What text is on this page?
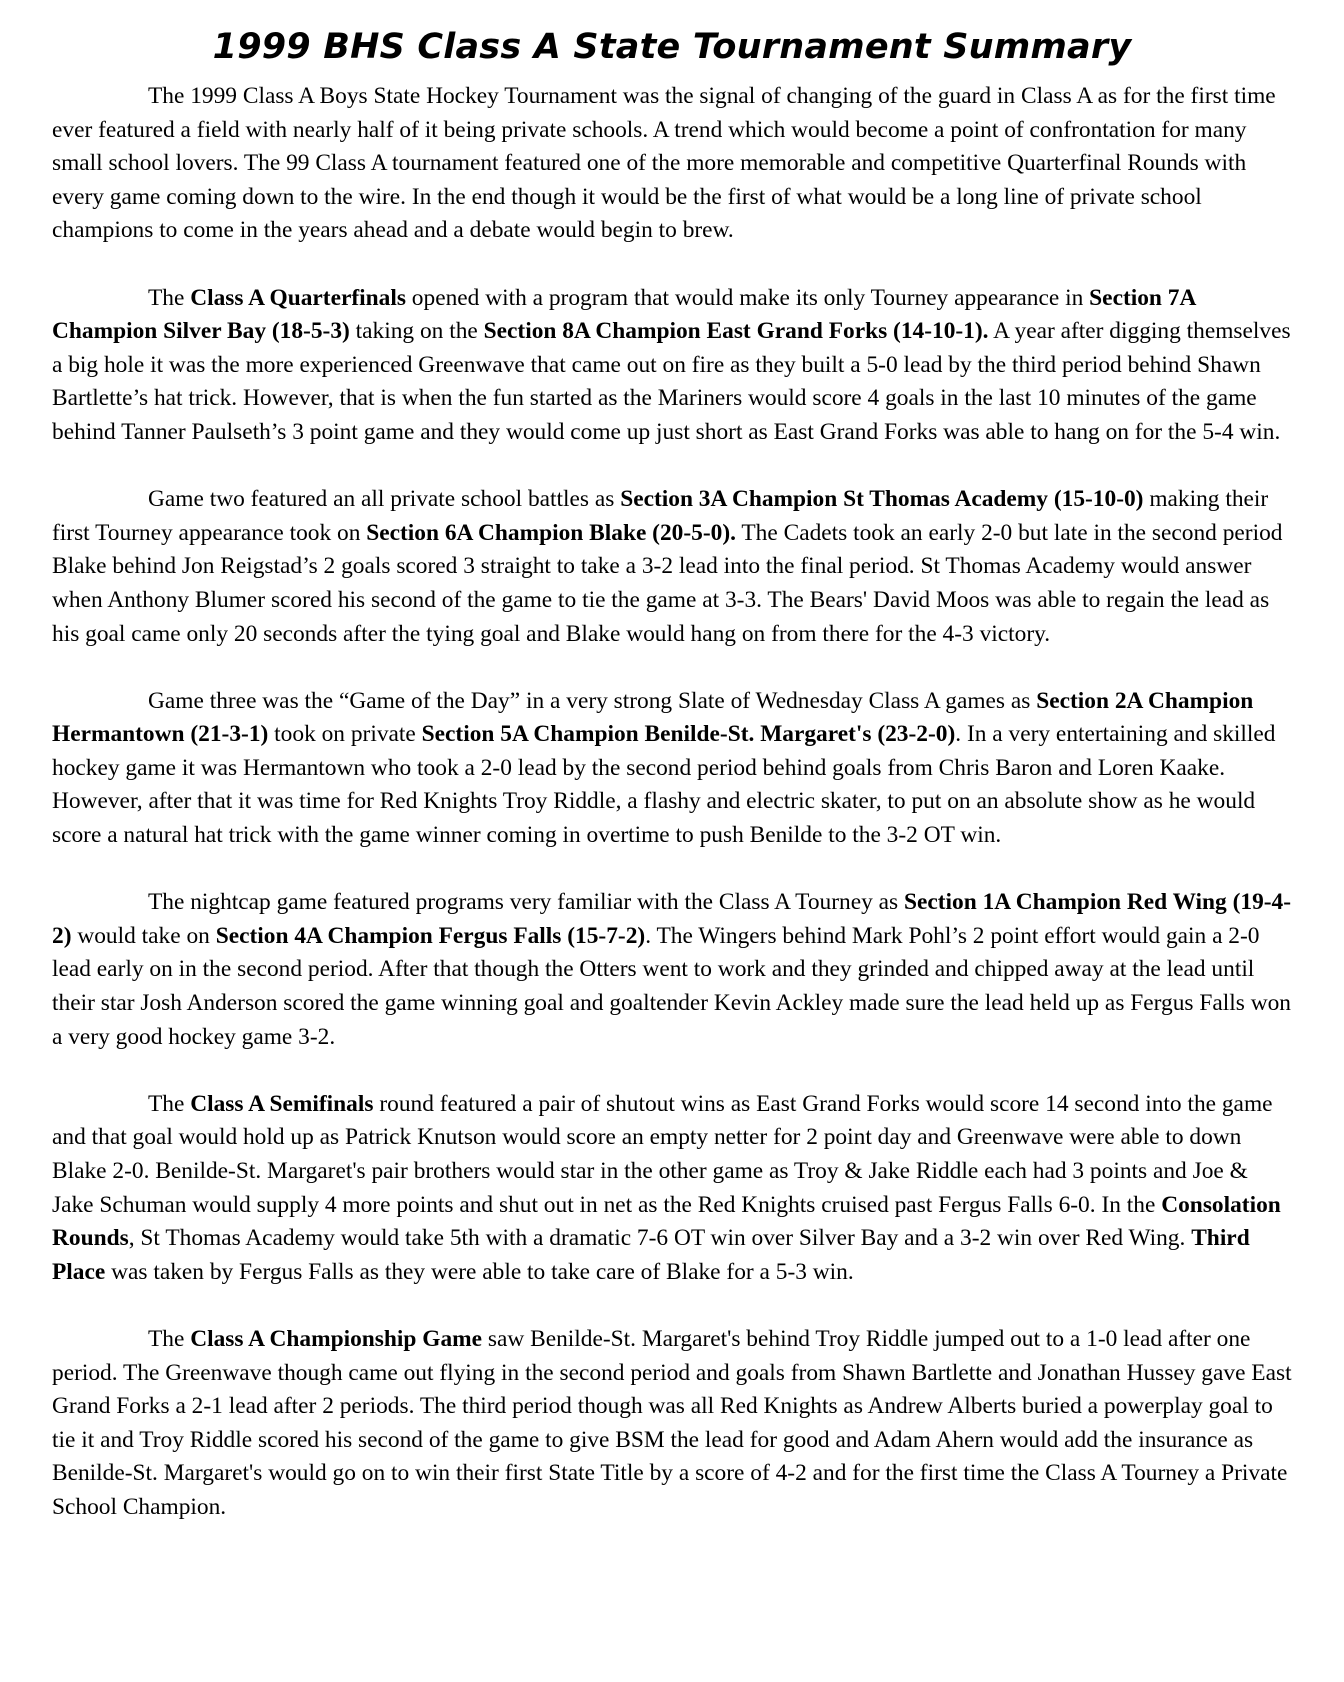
1999 BHS Class A State Tournament Summary

The 1999 Class A Boys State Hockey Tournament was the signal of changing of the guard in Class A as for the first time ever featured a field with nearly half of it being private schools. A trend which would become a point of confrontation for many small school lovers. The 99 Class A tournament featured one of the more memorable and competitive Quarterfinal Rounds with every game coming down to the wire. In the end though it would be the first of what would be a long line of private school champions to come in the years ahead and a debate would begin to brew.

The Class A Quarterfinals opened with a program that would make its only Tourney appearance in Section 7A Champion Silver Bay (18-5-3) taking on the Section 8A Champion East Grand Forks (14-10-1). A year after digging themselves a big hole it was the more experienced Greenwave that came out on fire as they built a 5-0 lead by the third period behind Shawn Bartlette’s hat trick. However, that is when the fun started as the Mariners would score 4 goals in the last 10 minutes of the game behind Tanner Paulseth’s 3 point game and they would come up just short as East Grand Forks was able to hang on for the 5-4 win.

Game two featured an all private school battles as Section 3A Champion St Thomas Academy (15-10-0) making their first Tourney appearance took on Section 6A Champion Blake (20-5-0). The Cadets took an early 2-0 but late in the second period Blake behind Jon Reigstad’s 2 goals scored 3 straight to take a 3-2 lead into the final period. St Thomas Academy would answer when Anthony Blumer scored his second of the game to tie the game at 3-3. The Bears' David Moos was able to regain the lead as his goal came only 20 seconds after the tying goal and Blake would hang on from there for the 4-3 victory.

Game three was the “Game of the Day” in a very strong Slate of Wednesday Class A games as Section 2A Champion Hermantown (21-3-1) took on private Section 5A Champion Benilde-St. Margaret's (23-2-0). In a very entertaining and skilled hockey game it was Hermantown who took a 2-0 lead by the second period behind goals from Chris Baron and Loren Kaake. However, after that it was time for Red Knights Troy Riddle, a flashy and electric skater, to put on an absolute show as he would score a natural hat trick with the game winner coming in overtime to push Benilde to the 3-2 OT win.

The nightcap game featured programs very familiar with the Class A Tourney as Section 1A Champion Red Wing (19-4-2) would take on Section 4A Champion Fergus Falls (15-7-2). The Wingers behind Mark Pohl’s 2 point effort would gain a 2-0 lead early on in the second period. After that though the Otters went to work and they grinded and chipped away at the lead until their star Josh Anderson scored the game winning goal and goaltender Kevin Ackley made sure the lead held up as Fergus Falls won a very good hockey game 3-2.

The Class A Semifinals round featured a pair of shutout wins as East Grand Forks would score 14 second into the game and that goal would hold up as Patrick Knutson would score an empty netter for 2 point day and Greenwave were able to down Blake 2-0. Benilde-St. Margaret's pair brothers would star in the other game as Troy & Jake Riddle each had 3 points and Joe & Jake Schuman would supply 4 more points and shut out in net as the Red Knights cruised past Fergus Falls 6-0. In the Consolation Rounds, St Thomas Academy would take 5th with a dramatic 7-6 OT win over Silver Bay and a 3-2 win over Red Wing. Third Place was taken by Fergus Falls as they were able to take care of Blake for a 5-3 win.

The Class A Championship Game saw Benilde-St. Margaret's behind Troy Riddle jumped out to a 1-0 lead after one period. The Greenwave though came out flying in the second period and goals from Shawn Bartlette and Jonathan Hussey gave East Grand Forks a 2-1 lead after 2 periods. The third period though was all Red Knights as Andrew Alberts buried a powerplay goal to tie it and Troy Riddle scored his second of the game to give BSM the lead for good and Adam Ahern would add the insurance as Benilde-St. Margaret's would go on to win their first State Title by a score of 4-2 and for the first time the Class A Tourney a Private School Champion.
